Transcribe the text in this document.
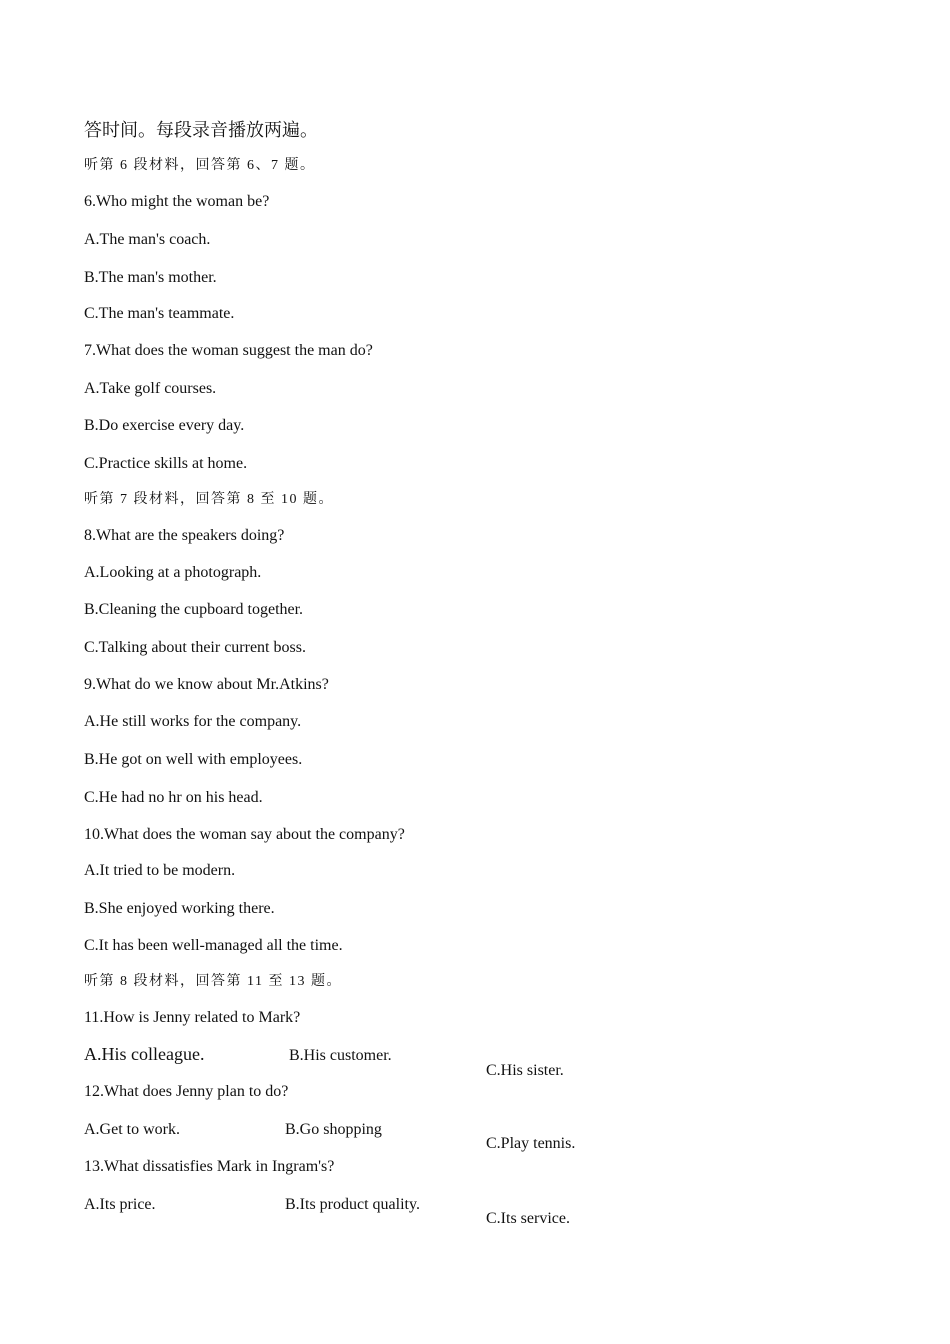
答时间。每段录音播放两遍。
听第 6 段材料，回答第 6、7 题。
6.Who might the woman be?
A.The man's coach.
B.The man's mother.
C.The man's teammate.
7.What does the woman suggest the man do?
A.Take golf courses.
B.Do exercise every day.
C.Practice skills at home.
听第 7 段材料，回答第 8 至 10 题。
8.What are the speakers doing?
A.Looking at a photograph.
B.Cleaning the cupboard together.
C.Talking about their current boss.
9.What do we know about Mr.Atkins?
A.He still works for the company.
B.He got on well with employees.
C.He had no hr on his head.
10.What does the woman say about the company?
A.It tried to be modern.
B.She enjoyed working there.
C.It has been well-managed all the time.
听第 8 段材料，回答第 11 至 13 题。
11.How is Jenny related to Mark?
A.His colleague.	B.His customer.
C.His sister.
12.What does Jenny plan to do?
A.Get to work.	B.Go shopping
C.Play tennis.
13.What dissatisfies Mark in Ingram's?
A.Its price.	B.Its product quality.
C.Its service.
